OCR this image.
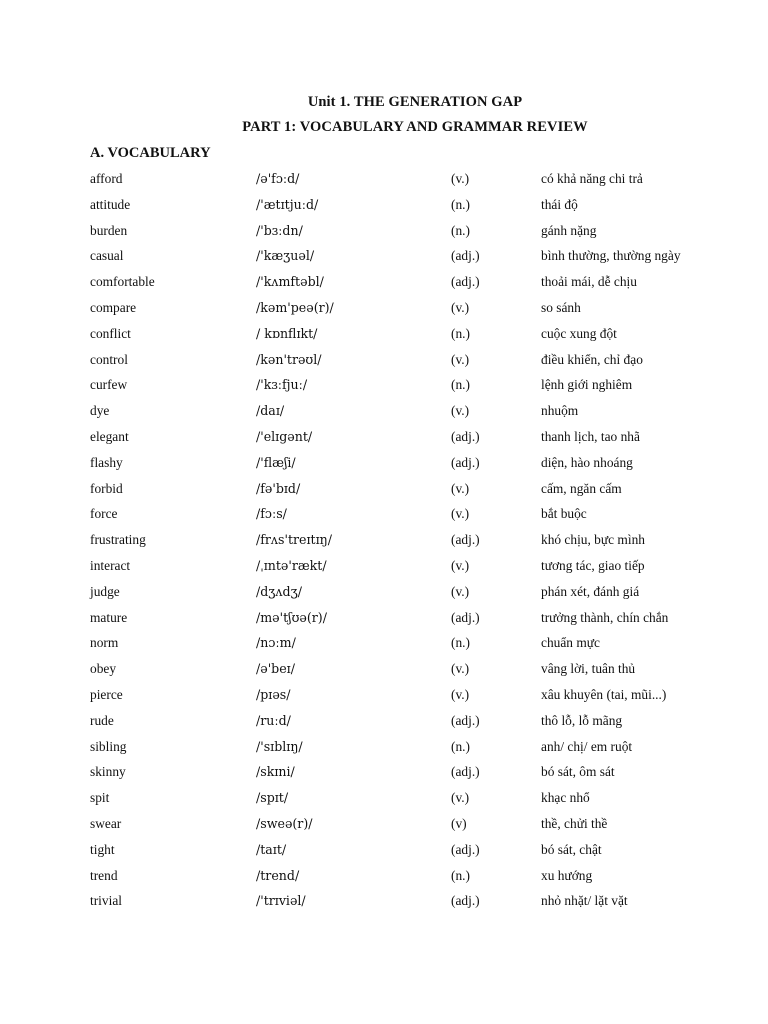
Unit 1. THE GENERATION GAP
PART 1: VOCABULARY AND GRAMMAR REVIEW
A. VOCABULARY
afford	/ə'fɔːd/	(v.)	có khả năng chi trả
attitude	/'ætɪtjuːd/	(n.)	thái độ
burden	/'bɜːdn/	(n.)	gánh nặng
casual	/'kæʒuəl/	(adj.)	bình thường, thường ngày
comfortable	/'kʌmftəbl/	(adj.)	thoải mái, dễ chịu
compare	/kəm'peə(r)/	(v.)	so sánh
conflict	/ kɒnflɪkt/	(n.)	cuộc xung đột
control	/kən'trəʊl/	(v.)	điều khiển, chỉ đạo
curfew	/'kɜːfjuː/	(n.)	lệnh giới nghiêm
dye	/daɪ/	(v.)	nhuộm
elegant	/'elɪgənt/	(adj.)	thanh lịch, tao nhã
flashy	/'flæʃi/	(adj.)	diện, hào nhoáng
forbid	/fə'bɪd/	(v.)	cấm, ngăn cấm
force	/fɔːs/	(v.)	bắt buộc
frustrating	/frʌs'treɪtɪŋ/	(adj.)	khó chịu, bực mình
interact	/ˌɪntə'rækt/	(v.)	tương tác, giao tiếp
judge	/dʒʌdʒ/	(v.)	phán xét, đánh giá
mature	/mə'tʃʊə(r)/	(adj.)	trưởng thành, chín chắn
norm	/nɔːm/	(n.)	chuẩn mực
obey	/ə'beɪ/	(v.)	vâng lời, tuân thủ
pierce	/pɪəs/	(v.)	xâu khuyên (tai, mũi...)
rude	/ruːd/	(adj.)	thô lỗ, lỗ mãng
sibling	/'sɪblɪŋ/	(n.)	anh/ chị/ em ruột
skinny	/skɪni/	(adj.)	bó sát, ôm sát
spit	/spɪt/	(v.)	khạc nhổ
swear	/sweə(r)/	(v)	thề, chửi thề
tight	/taɪt/	(adj.)	bó sát, chật
trend	/trend/	(n.)	xu hướng
trivial	/'trɪviəl/	(adj.)	nhỏ nhặt/ lặt vặt
